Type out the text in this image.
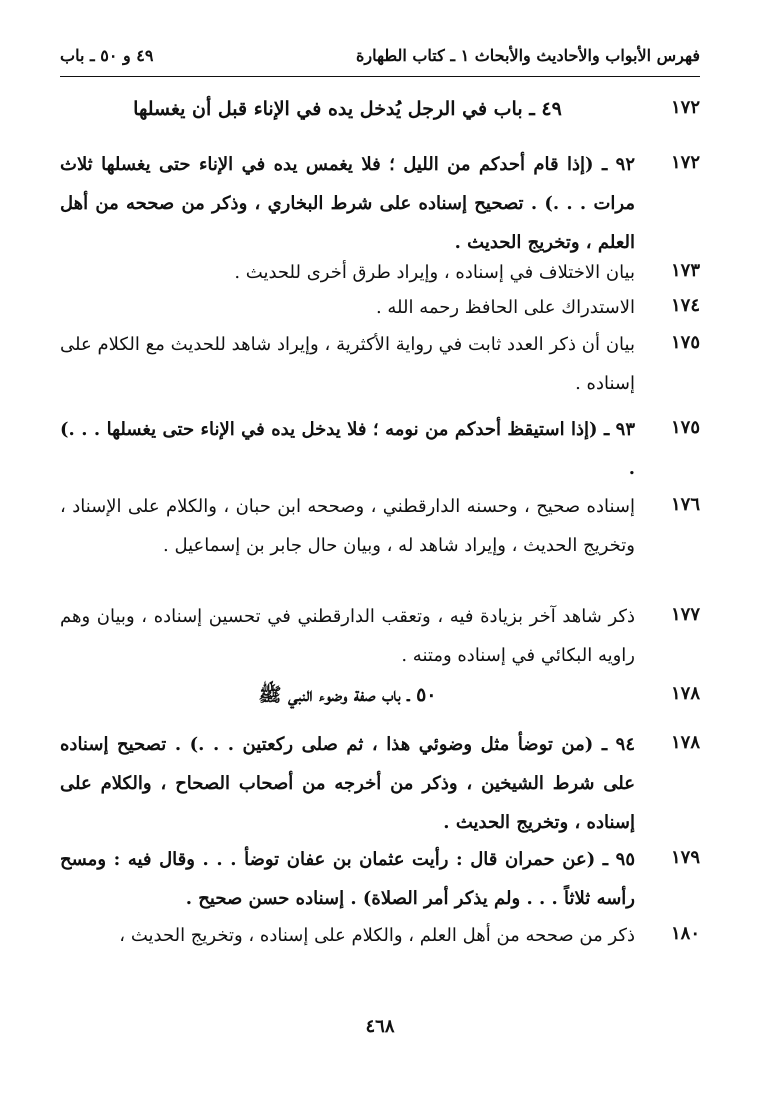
فهرس الأبواب والأحاديث والأبحاث ١ ـ كتاب الطهارة
٤٩ و ٥٠ ـ باب
١٧٢
٤٩ ـ باب في الرجل يُدخل يده في الإناء قبل أن يغسلها
١٧٢
٩٢ ـ (إذا قام أحدكم من الليل ؛ فلا يغمس يده في الإناء حتى يغسلها ثلاث مرات . . .) . تصحيح إسناده على شرط البخاري ، وذكر من صححه من أهل العلم ، وتخريج الحديث .
١٧٣
بيان الاختلاف في إسناده ، وإيراد طرق أخرى للحديث .
١٧٤
الاستدراك على الحافظ رحمه الله .
١٧٥
بيان أن ذكر العدد ثابت في رواية الأكثرية ، وإيراد شاهد للحديث مع الكلام على إسناده .
١٧٥
٩٣ ـ (إذا استيقظ أحدكم من نومه ؛ فلا يدخل يده في الإناء حتى يغسلها . . .) .
١٧٦
إسناده صحيح ، وحسنه الدارقطني ، وصححه ابن حبان ، والكلام على الإسناد ، وتخريج الحديث ، وإيراد شاهد له ، وبيان حال جابر بن إسماعيل .
١٧٧
ذكر شاهد آخر بزيادة فيه ، وتعقب الدارقطني في تحسين إسناده ، وبيان وهم راويه البكائي في إسناده ومتنه .
١٧٨
٥٠ ـ باب صفة وضوء النبي ﷺ
١٧٨
٩٤ ـ (من توضأ مثل وضوئي هذا ، ثم صلى ركعتين . . .) . تصحيح إسناده على شرط الشيخين ، وذكر من أخرجه من أصحاب الصحاح ، والكلام على إسناده ، وتخريج الحديث .
١٧٩
٩٥ ـ (عن حمران قال : رأيت عثمان بن عفان توضأ . . . وقال فيه : ومسح رأسه ثلاثاً . . . ولم يذكر أمر الصلاة) . إسناده حسن صحيح .
١٨٠
ذكر من صححه من أهل العلم ، والكلام على إسناده ، وتخريج الحديث ،
٤٦٨
